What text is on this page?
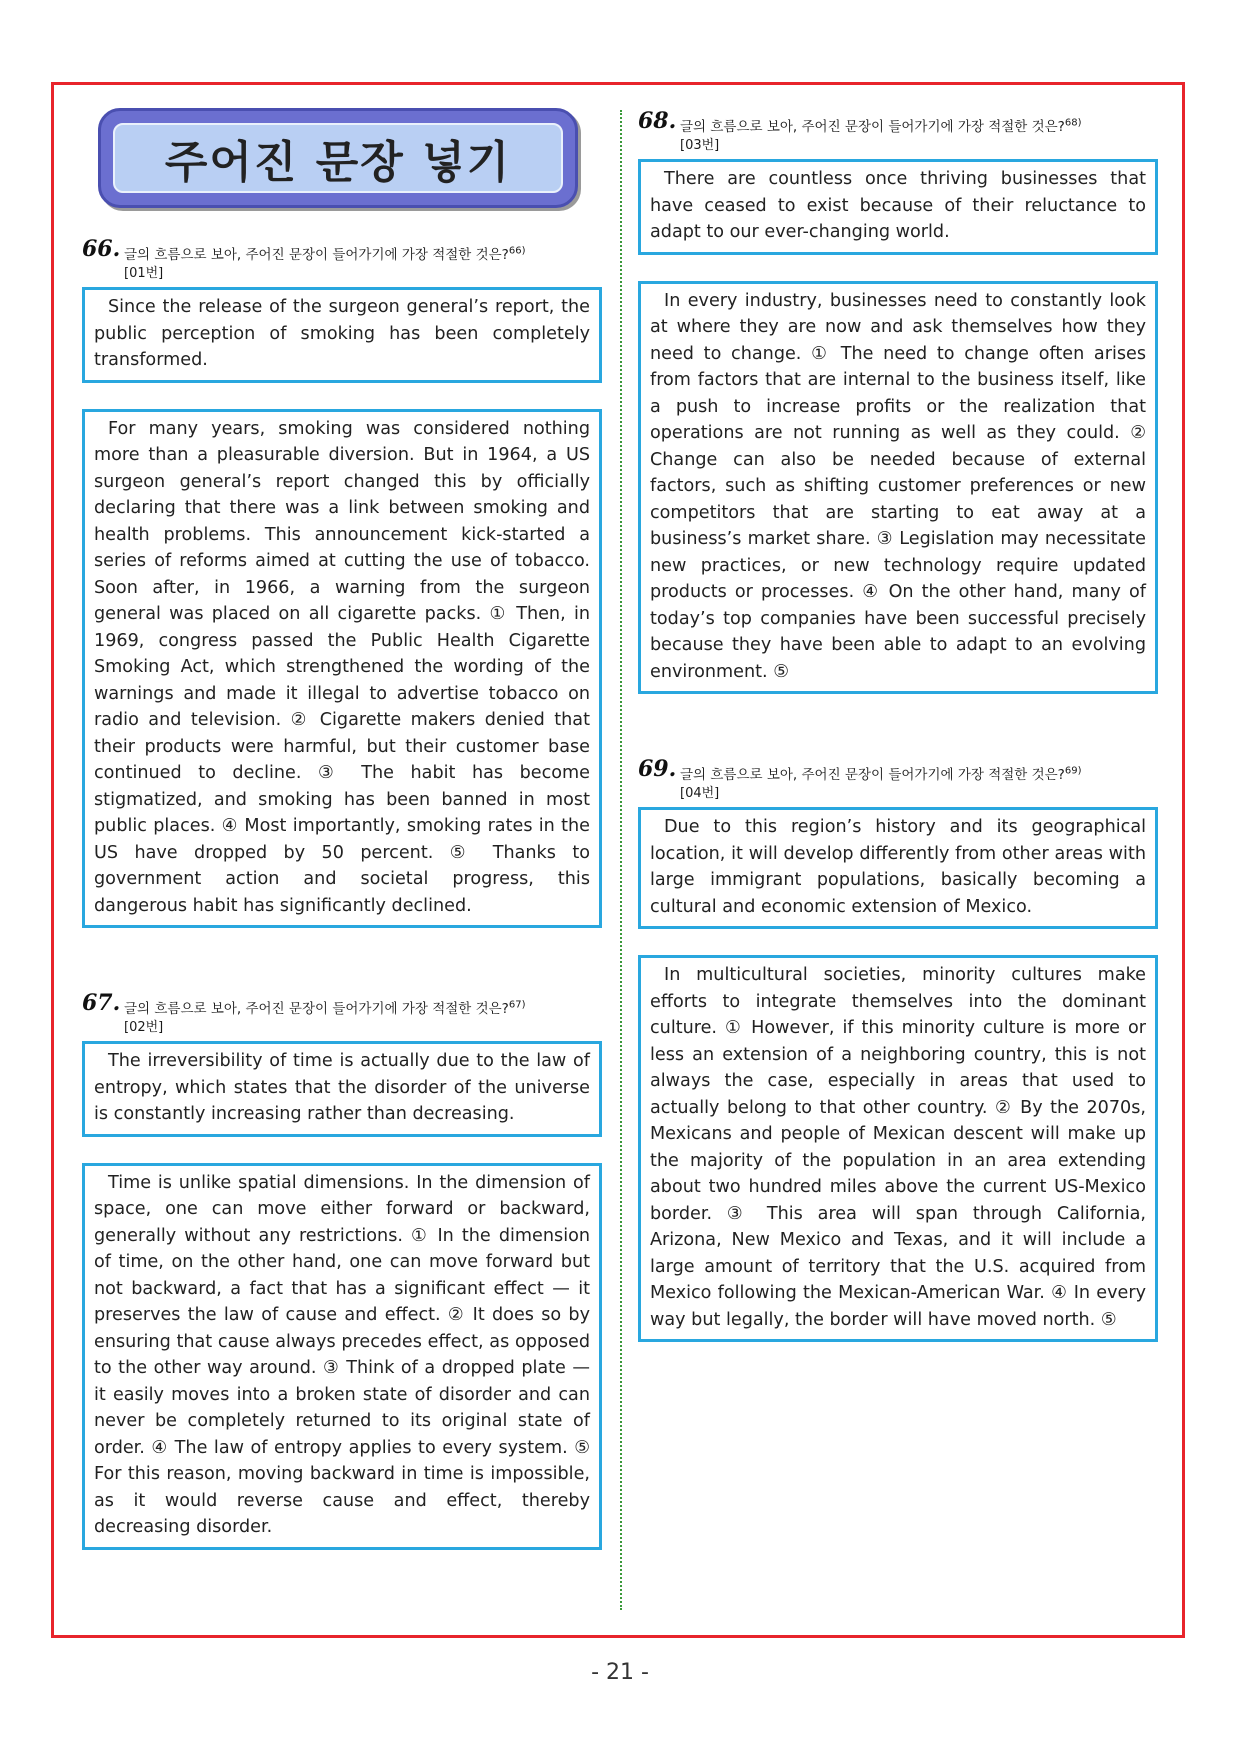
주어진 문장 넣기
66. 글의 흐름으로 보아, 주어진 문장이 들어가기에 가장 적절한 것은?$^{66)}$
[01번]
Since the release of the surgeon general’s report, the public perception of smoking has been completely transformed.
For many years, smoking was considered nothing more than a pleasurable diversion. But in 1964, a US surgeon general’s report changed this by officially declaring that there was a link between smoking and health problems. This announcement kick-started a series of reforms aimed at cutting the use of tobacco. Soon after, in 1966, a warning from the surgeon general was placed on all cigarette packs. ① Then, in 1969, congress passed the Public Health Cigarette Smoking Act, which strengthened the wording of the warnings and made it illegal to advertise tobacco on radio and television. ② Cigarette makers denied that their products were harmful, but their customer base continued to decline. ③ The habit has become stigmatized, and smoking has been banned in most public places. ④ Most importantly, smoking rates in the US have dropped by 50 percent. ⑤ Thanks to government action and societal progress, this dangerous habit has significantly declined.
67. 글의 흐름으로 보아, 주어진 문장이 들어가기에 가장 적절한 것은?$^{67)}$
[02번]
The irreversibility of time is actually due to the law of entropy, which states that the disorder of the universe is constantly increasing rather than decreasing.
Time is unlike spatial dimensions. In the dimension of space, one can move either forward or backward, generally without any restrictions. ① In the dimension of time, on the other hand, one can move forward but not backward, a fact that has a significant effect — it preserves the law of cause and effect. ② It does so by ensuring that cause always precedes effect, as opposed to the other way around. ③ Think of a dropped plate — it easily moves into a broken state of disorder and can never be completely returned to its original state of order. ④ The law of entropy applies to every system. ⑤ For this reason, moving backward in time is impossible, as it would reverse cause and effect, thereby decreasing disorder.
68. 글의 흐름으로 보아, 주어진 문장이 들어가기에 가장 적절한 것은?$^{68)}$
[03번]
There are countless once thriving businesses that have ceased to exist because of their reluctance to adapt to our ever-changing world.
In every industry, businesses need to constantly look at where they are now and ask themselves how they need to change. ① The need to change often arises from factors that are internal to the business itself, like a push to increase profits or the realization that operations are not running as well as they could. ② Change can also be needed because of external factors, such as shifting customer preferences or new competitors that are starting to eat away at a business’s market share. ③ Legislation may necessitate new practices, or new technology require updated products or processes. ④ On the other hand, many of today’s top companies have been successful precisely because they have been able to adapt to an evolving environment. ⑤
69. 글의 흐름으로 보아, 주어진 문장이 들어가기에 가장 적절한 것은?$^{69)}$
[04번]
Due to this region’s history and its geographical location, it will develop differently from other areas with large immigrant populations, basically becoming a cultural and economic extension of Mexico.
In multicultural societies, minority cultures make efforts to integrate themselves into the dominant culture. ① However, if this minority culture is more or less an extension of a neighboring country, this is not always the case, especially in areas that used to actually belong to that other country. ② By the 2070s, Mexicans and people of Mexican descent will make up the majority of the population in an area extending about two hundred miles above the current US-Mexico border. ③ This area will span through California, Arizona, New Mexico and Texas, and it will include a large amount of territory that the U.S. acquired from Mexico following the Mexican-American War. ④ In every way but legally, the border will have moved north. ⑤
- 21 -
